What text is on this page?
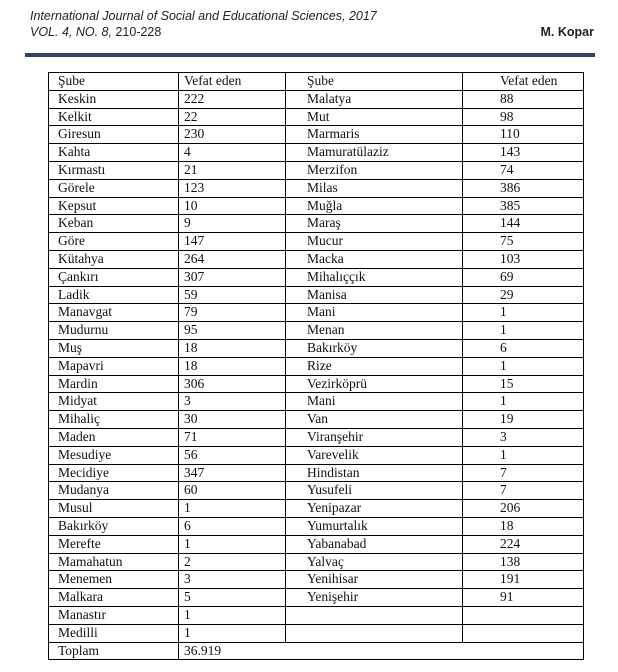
International Journal of Social and Educational Sciences, 2017
VOL. 4, NO. 8, 210-228	M. Kopar
Şube	Vefat eden	Şube	Vefat eden
Keskin	222	Malatya	88
Kelkit	22	Mut	98
Giresun	230	Marmaris	110
Kahta	4	Mamuratülaziz	143
Kırmastı	21	Merzifon	74
Görele	123	Milas	386
Kepsut	10	Muğla	385
Keban	9	Maraş	144
Göre	147	Mucur	75
Kütahya	264	Macka	103
Çankırı	307	Mihalıççık	69
Ladik	59	Manisa	29
Manavgat	79	Mani	1
Mudurnu	95	Menan	1
Muş	18	Bakırköy	6
Mapavri	18	Rize	1
Mardin	306	Vezirköprü	15
Midyat	3	Mani	1
Mihaliç	30	Van	19
Maden	71	Viranşehir	3
Mesudiye	56	Varevelik	1
Mecidiye	347	Hindistan	7
Mudanya	60	Yusufeli	7
Musul	1	Yenipazar	206
Bakırköy	6	Yumurtalık	18
Merefte	1	Yabanabad	224
Mamahatun	2	Yalvaç	138
Menemen	3	Yenihisar	191
Malkara	5	Yenişehir	91
Manastır	1		
Medilli	1		
Toplam	36.919		
